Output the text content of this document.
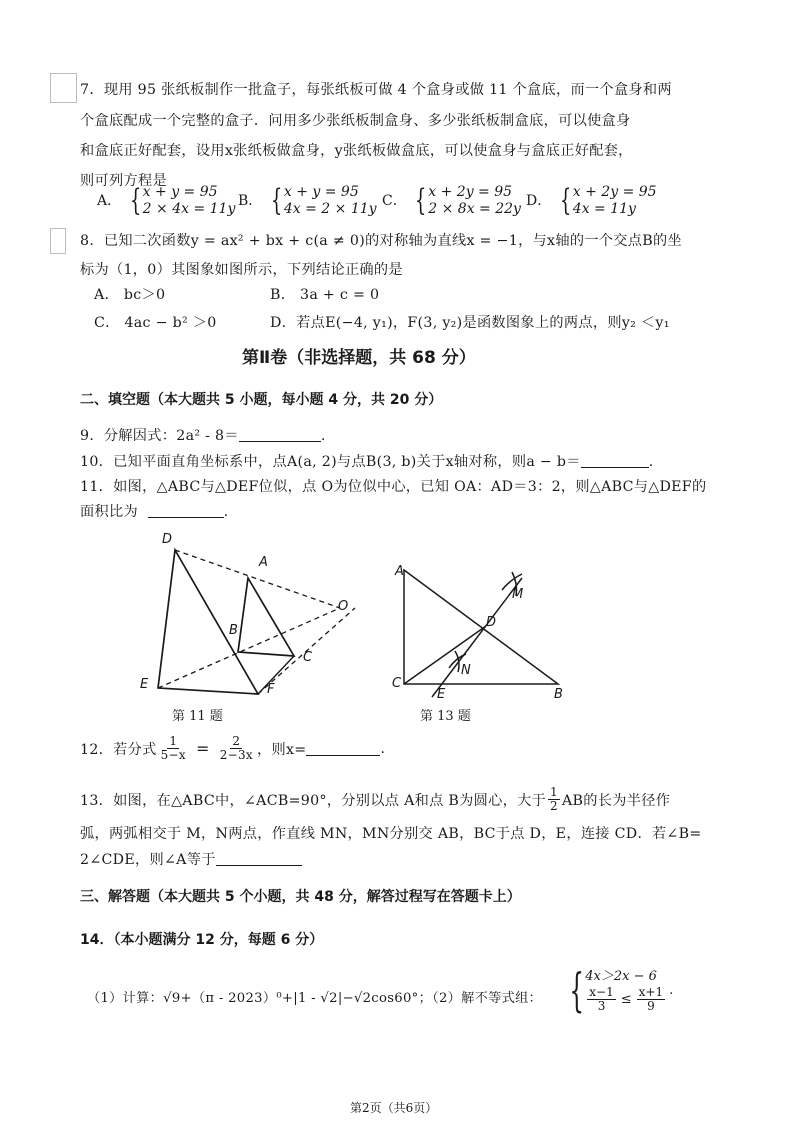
7．现用 95 张纸板制作一批盒子，每张纸板可做 4 个盒身或做 11 个盒底，而一个盒身和两
个盒底配成一个完整的盒子．问用多少张纸板制盒身、多少张纸板制盒底，可以使盒身
和盒底正好配套，设用x张纸板做盒身，y张纸板做盒底，可以使盒身与盒底正好配套，
则可列方程是
A． { x + y = 95
2 × 4x = 11y B． { x + y = 95
4x = 2 × 11y C． { x + 2y = 95
2 × 8x = 22y D． { x + 2y = 95
4x = 11y
8．已知二次函数y = ax² + bx + c(a ≠ 0)的对称轴为直线x = −1，与x轴的一个交点B的坐
标为（1，0）其图象如图所示，下列结论正确的是
A． bc＞0	B． 3a + c = 0
C． 4ac − b² ＞0	D．若点E(−4, y₁)，F(3, y₂)是函数图象上的两点，则y₂ ＜y₁
第Ⅱ卷（非选择题，共 68 分）
二、填空题（本大题共 5 小题，每小题 4 分，共 20 分）
9．分解因式：2a² - 8＝	.
10．已知平面直角坐标系中，点A(a, 2)与点B(3, b)关于x轴对称，则a − b＝	.
11．如图，△ABC与△DEF位似，点 O为位似中心，已知 OA：AD＝3：2，则△ABC与△DEF的
面积比为	.
D
A
O
B
C
E	F
第 11 题
A
M
D
N
C
E	B
第 13 题
12．若分式 $\frac{1}{5-x} = \frac{2}{2-3x}$ ，则x=	.
13．如图，在△ABC中，∠ACB=90°，分别以点 A和点 B为圆心，大于 $\frac{1}{2}$ AB的长为半径作
弧，两弧相交于 M，N两点，作直线 MN，MN分别交 AB，BC于点 D，E，连接 CD．若∠B=
2∠CDE，则∠A等于
三、解答题（本大题共 5 个小题，共 48 分，解答过程写在答题卡上）
14．（本小题满分 12 分，每题 6 分）
（1）计算：√9+（π - 2023）⁰+|1 - √2|−√2cos60°；（2）解不等式组： { 4x＞2x − 6
$\frac{x-1}{3} \le \frac{x+1}{9}$ .
第2页（共6页）
